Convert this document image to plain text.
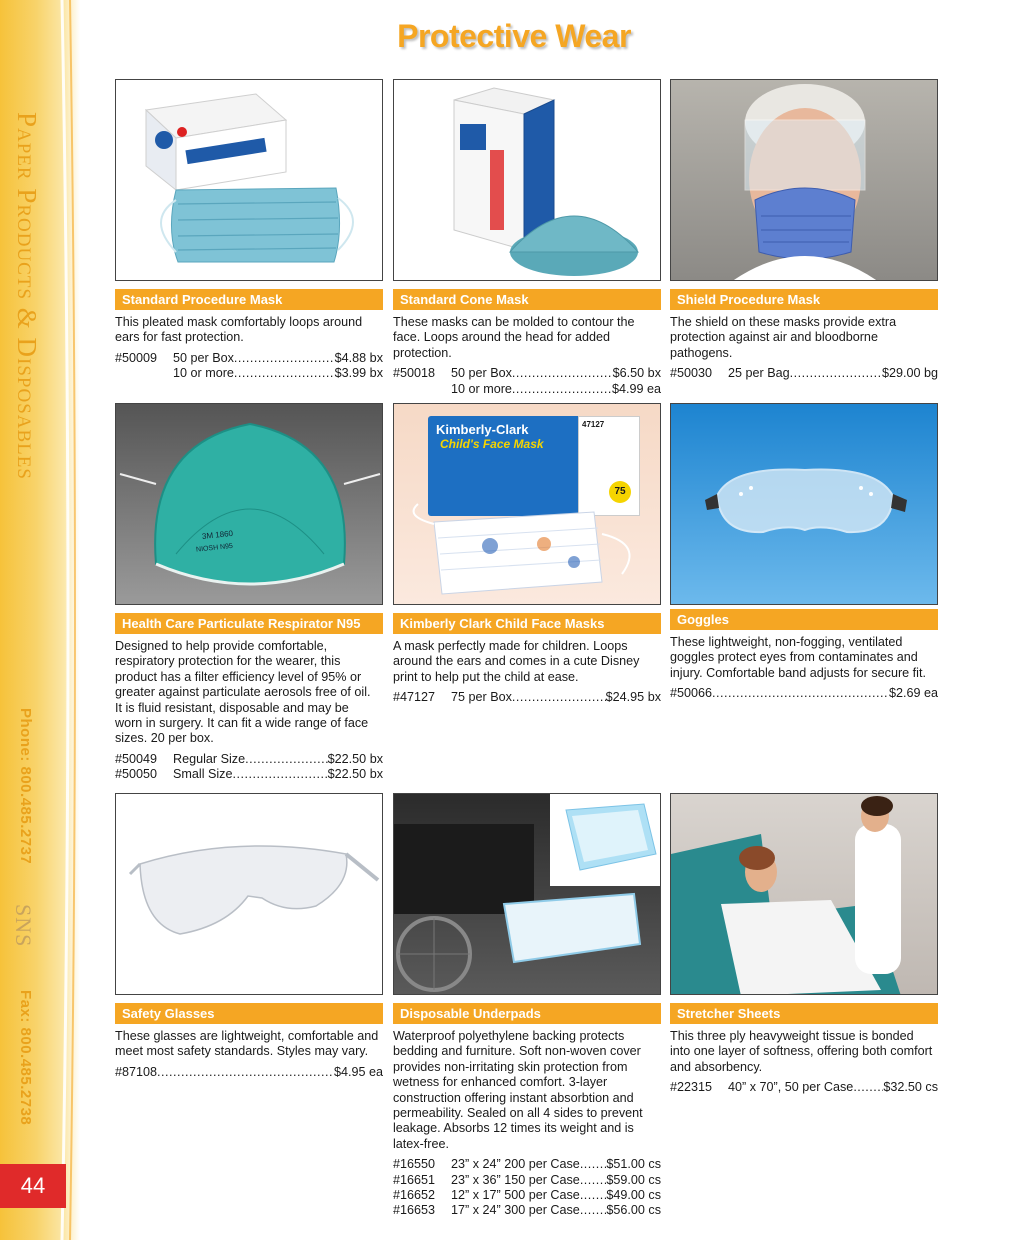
Paper Products & Disposables
Phone: 800.485.2737
SNS
Fax: 800.485.2738
44
Protective Wear
Standard Procedure Mask
This pleated mask comfortably loops around ears for fast protection.
#50009	50 per Box .....	$4.88 bx
10 or more .....	$3.99 bx
Standard Cone Mask
These masks can be molded to contour the face. Loops around the head for added protection.
#50018	50 per Box .....	$6.50 bx
10 or more .....	$4.99 ea
Shield Procedure Mask
The shield on these masks provide extra protection against air and bloodborne pathogens.
#50030	25 per Bag .....	$29.00 bg
3M 1860
NIOSH N95
Health Care Particulate Respirator N95
Designed to help provide comfortable, respiratory protection for the wearer, this product has a filter efficiency level of 95% or greater against particulate aerosols free of oil. It is fluid resistant, disposable and may be worn in surgery. It can fit a wide range of face sizes. 20 per box.
#50049	Regular Size .....	$22.50 bx
#50050	Small Size .....	$22.50 bx
Kimberly-Clark
Child's Face Mask
47127
75
Kimberly Clark Child Face Masks
A mask perfectly made for children. Loops around the ears and comes in a cute Disney print to help put the child at ease.
#47127	75 per Box .....	$24.95 bx
Goggles
These lightweight, non-fogging, ventilated goggles protect eyes from contaminates and injury. Comfortable band adjusts for secure fit.
#50066 .....	$2.69 ea
Safety Glasses
These glasses are lightweight, comfortable and meet most safety standards. Styles may vary.
#87108 .....	$4.95 ea
Disposable Underpads
Waterproof polyethylene backing protects bedding and furniture. Soft non-woven cover provides non-irritating skin protection from wetness for enhanced comfort. 3-layer construction offering instant absorbtion and permeability. Sealed on all 4 sides to prevent leakage. Absorbs 12 times its weight and is latex-free.
#16550	23” x 24” 200 per Case ..... $51.00 cs
#16651	23” x 36” 150 per Case ..... $59.00 cs
#16652	12” x 17” 500 per Case ..... $49.00 cs
#16653	17” x 24” 300 per Case ..... $56.00 cs
Stretcher Sheets
This three ply heavyweight tissue is bonded into one layer of softness, offering both comfort and absorbency.
#22315	40” x 70”, 50 per Case ..... $32.50 cs
